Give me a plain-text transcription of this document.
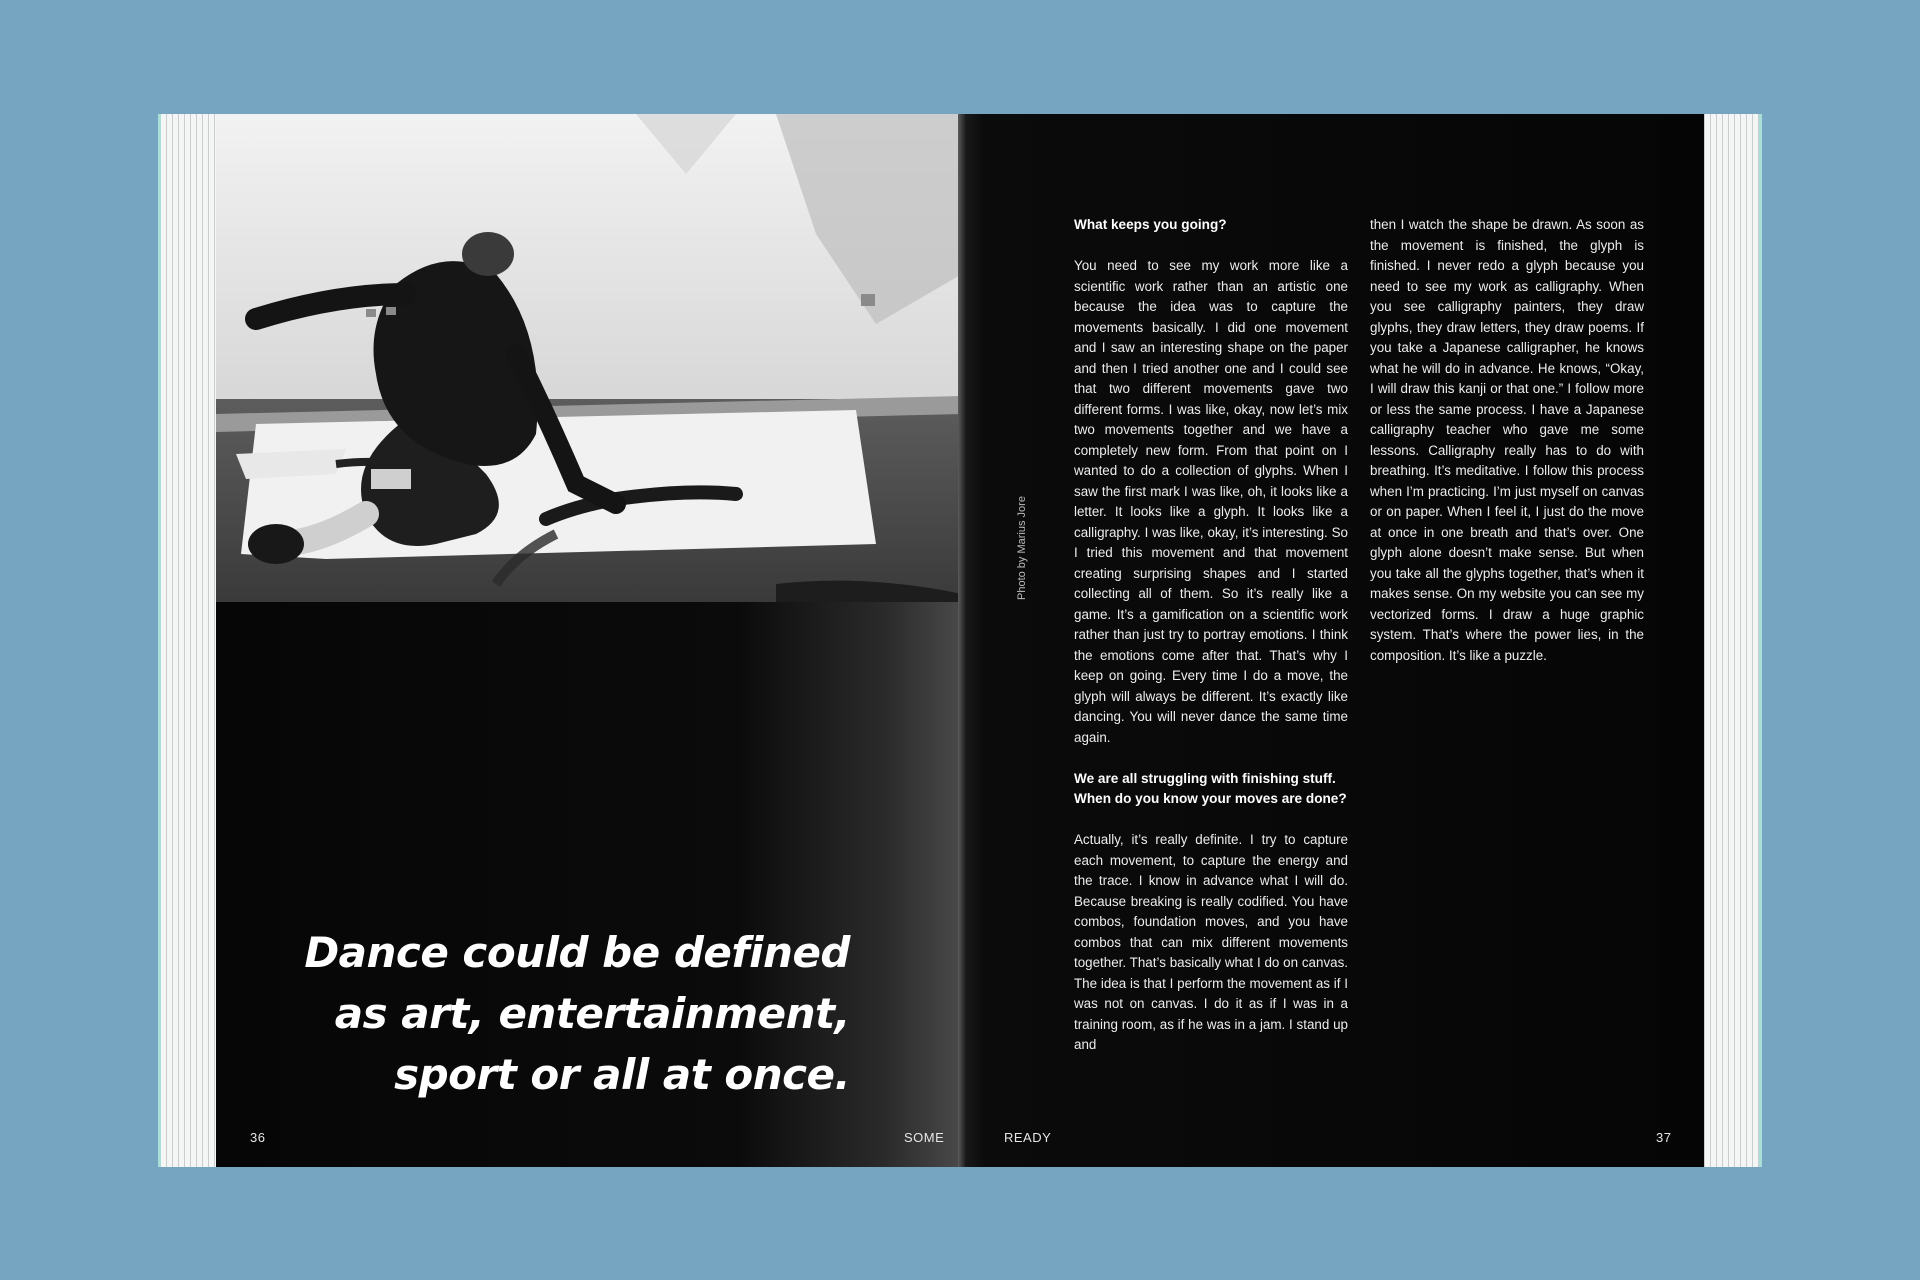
Dance could be defined
as art, entertainment,
sport or all at once.
36	SOME
Photo by Marius Jore
What keeps you going?

You need to see my work more like a scientific work rather than an artistic one because the idea was to capture the movements basically. I did one movement and I saw an interesting shape on the paper and then I tried another one and I could see that two different movements gave two different forms. I was like, okay, now let’s mix two movements together and we have a completely new form. From that point on I wanted to do a collection of glyphs. When I saw the first mark I was like, oh, it looks like a letter. It looks like a glyph. It looks like a calligraphy. I was like, okay, it’s interesting. So I tried this movement and that movement creating surprising shapes and I started collecting all of them. So it’s really like a game. It’s a gamification on a scientific work rather than just try to portray emotions. I think the emotions come after that. That’s why I keep on going. Every time I do a move, the glyph will always be different. It’s exactly like dancing. You will never dance the same time again.

We are all struggling with finishing stuff. When do you know your moves are done?

Actually, it’s really definite. I try to capture each movement, to capture the energy and the trace. I know in advance what I will do. Because breaking is really codified. You have combos, foundation moves, and you have combos that can mix different movements together. That’s basically what I do on canvas. The idea is that I perform the movement as if I was not on canvas. I do it as if I was in a training room, as if he was in a jam. I stand up and

then I watch the shape be drawn. As soon as the movement is finished, the glyph is finished. I never redo a glyph because you need to see my work as calligraphy. When you see calligraphy painters, they draw glyphs, they draw letters, they draw poems. If you take a Japanese calligrapher, he knows what he will do in advance. He knows, “Okay, I will draw this kanji or that one.” I follow more or less the same process. I have a Japanese calligraphy teacher who gave me some lessons. Calligraphy really has to do with breathing. It’s meditative. I follow this process when I’m practicing. I’m just myself on canvas or on paper. When I feel it, I just do the move at once in one breath and that’s over. One glyph alone doesn’t make sense. But when you take all the glyphs together, that’s when it makes sense. On my website you can see my vectorized forms. I draw a huge graphic system. That’s where the power lies, in the composition. It’s like a puzzle.

READY	37
